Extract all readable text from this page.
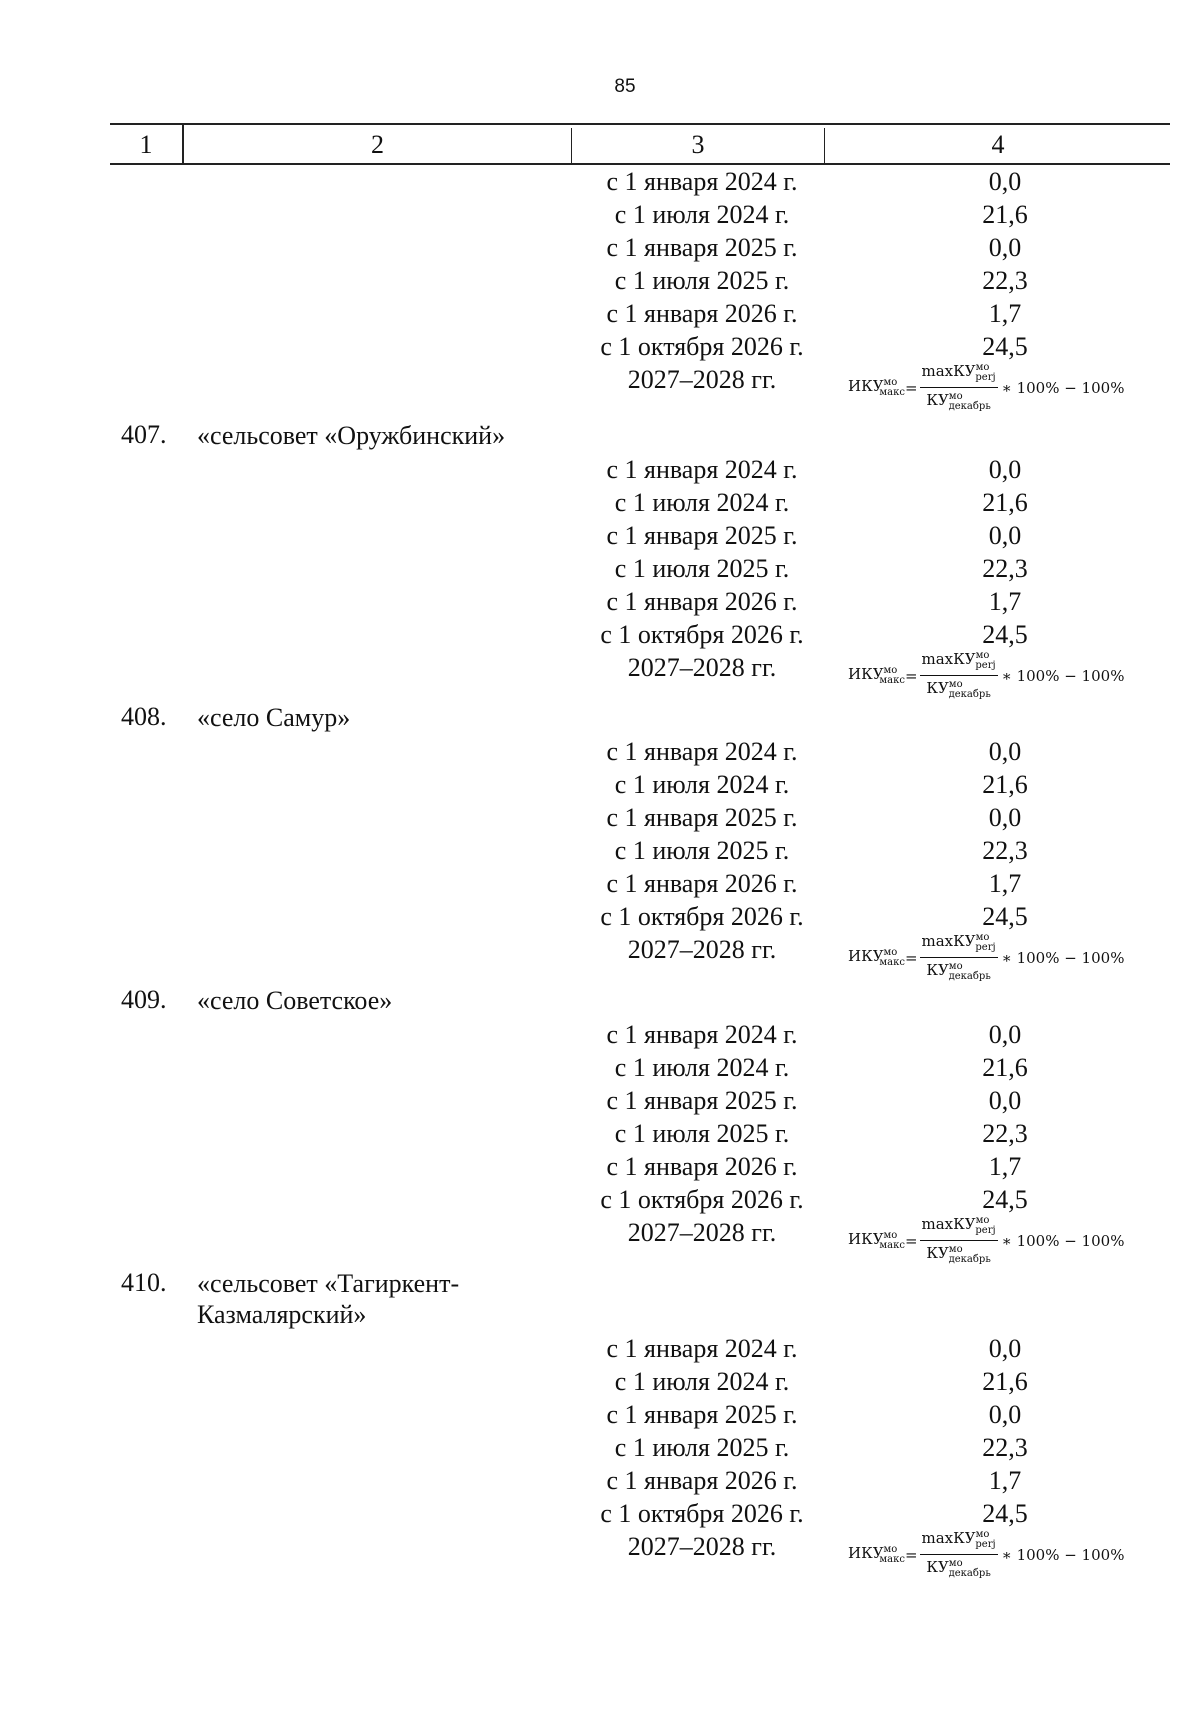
85
1	2	3	4
с 1 января 2024 г.	0,0
с 1 июля 2024 г.	21,6
с 1 января 2025 г.	0,0
с 1 июля 2025 г.	22,3
с 1 января 2026 г.	1,7
с 1 октября 2026 г.	24,5
2027–2028 гг.	$ИКУ^{мо}_{макс} = \frac{\max КУ^{мо}_{perj}}{КУ^{мо}_{декабрь}}$ ∗ 100% − 100%
407. «сельсовет «Оружбинский»
с 1 января 2024 г.	0,0
с 1 июля 2024 г.	21,6
с 1 января 2025 г.	0,0
с 1 июля 2025 г.	22,3
с 1 января 2026 г.	1,7
с 1 октября 2026 г.	24,5
2027–2028 гг.	$ИКУ^{мо}_{макс} = \frac{\max КУ^{мо}_{perj}}{КУ^{мо}_{декабрь}}$ ∗ 100% − 100%
408. «село Самур»
с 1 января 2024 г.	0,0
с 1 июля 2024 г.	21,6
с 1 января 2025 г.	0,0
с 1 июля 2025 г.	22,3
с 1 января 2026 г.	1,7
с 1 октября 2026 г.	24,5
2027–2028 гг.	$ИКУ^{мо}_{макс} = \frac{\max КУ^{мо}_{perj}}{КУ^{мо}_{декабрь}}$ ∗ 100% − 100%
409. «село Советское»
с 1 января 2024 г.	0,0
с 1 июля 2024 г.	21,6
с 1 января 2025 г.	0,0
с 1 июля 2025 г.	22,3
с 1 января 2026 г.	1,7
с 1 октября 2026 г.	24,5
2027–2028 гг.	$ИКУ^{мо}_{макс} = \frac{\max КУ^{мо}_{perj}}{КУ^{мо}_{декабрь}}$ ∗ 100% − 100%
410. «сельсовет «Тагиркент-
Казмалярский»
с 1 января 2024 г.	0,0
с 1 июля 2024 г.	21,6
с 1 января 2025 г.	0,0
с 1 июля 2025 г.	22,3
с 1 января 2026 г.	1,7
с 1 октября 2026 г.	24,5
2027–2028 гг.	$ИКУ^{мо}_{макс} = \frac{\max КУ^{мо}_{perj}}{КУ^{мо}_{декабрь}}$ ∗ 100% − 100%
